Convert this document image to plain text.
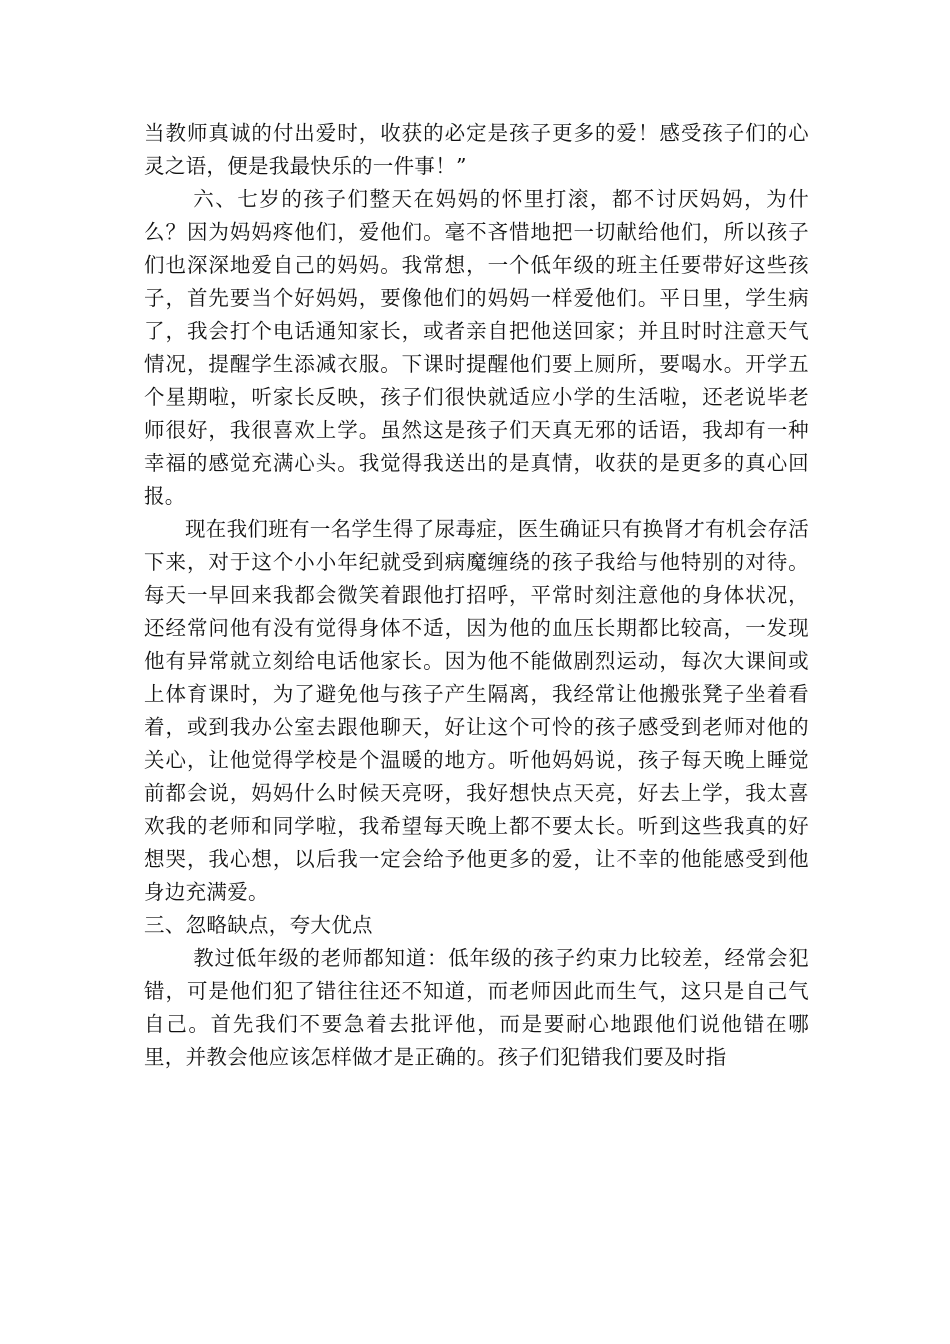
当教师真诚的付出爱时，收获的必定是孩子更多的爱！感受孩子们的心灵之语，便是我最快乐的一件事！”

六、七岁的孩子们整天在妈妈的怀里打滚，都不讨厌妈妈，为什么？因为妈妈疼他们，爱他们。毫不吝惜地把一切献给他们，所以孩子们也深深地爱自己的妈妈。我常想，一个低年级的班主任要带好这些孩子，首先要当个好妈妈，要像他们的妈妈一样爱他们。平日里，学生病了，我会打个电话通知家长，或者亲自把他送回家；并且时时注意天气情况，提醒学生添减衣服。下课时提醒他们要上厕所，要喝水。开学五个星期啦，听家长反映，孩子们很快就适应小学的生活啦，还老说毕老师很好，我很喜欢上学。虽然这是孩子们天真无邪的话语，我却有一种幸福的感觉充满心头。我觉得我送出的是真情，收获的是更多的真心回报。

现在我们班有一名学生得了尿毒症，医生确证只有换肾才有机会存活下来，对于这个小小年纪就受到病魔缠绕的孩子我给与他特别的对待。每天一早回来我都会微笑着跟他打招呼，平常时刻注意他的身体状况，还经常问他有没有觉得身体不适，因为他的血压长期都比较高，一发现他有异常就立刻给电话他家长。因为他不能做剧烈运动，每次大课间或上体育课时，为了避免他与孩子产生隔离，我经常让他搬张凳子坐着看着，或到我办公室去跟他聊天，好让这个可怜的孩子感受到老师对他的关心，让他觉得学校是个温暖的地方。听他妈妈说，孩子每天晚上睡觉前都会说，妈妈什么时候天亮呀，我好想快点天亮，好去上学，我太喜欢我的老师和同学啦，我希望每天晚上都不要太长。听到这些我真的好想哭，我心想，以后我一定会给予他更多的爱，让不幸的他能感受到他身边充满爱。

三、忽略缺点，夸大优点

教过低年级的老师都知道：低年级的孩子约束力比较差，经常会犯错，可是他们犯了错往往还不知道，而老师因此而生气，这只是自己气自己。首先我们不要急着去批评他，而是要耐心地跟他们说他错在哪里，并教会他应该怎样做才是正确的。孩子们犯错我们要及时指
